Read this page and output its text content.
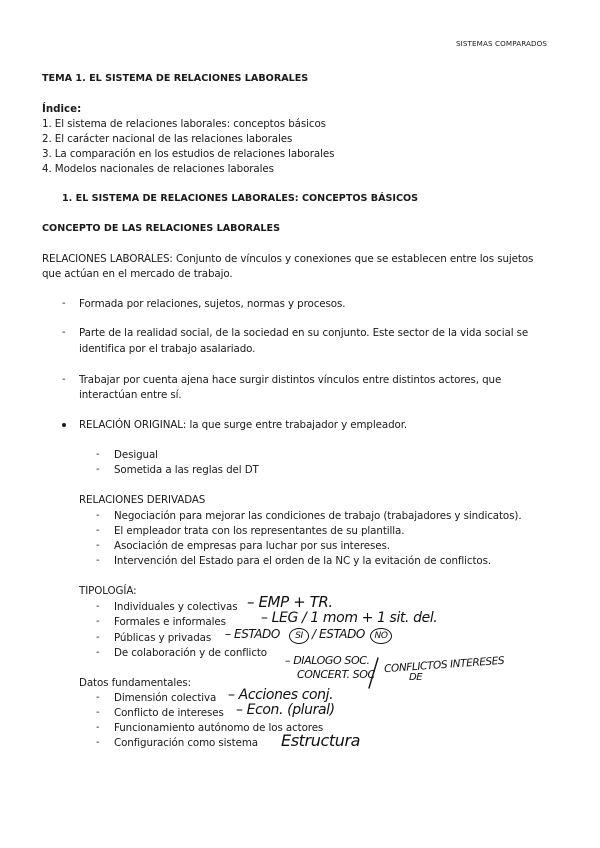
SISTEMAS COMPARADOS
TEMA 1. EL SISTEMA DE RELACIONES LABORALES
Índice:
1. El sistema de relaciones laborales: conceptos básicos
2. El carácter nacional de las relaciones laborales
3. La comparación en los estudios de relaciones laborales
4. Modelos nacionales de relaciones laborales
1. EL SISTEMA DE RELACIONES LABORALES: CONCEPTOS BÁSICOS
CONCEPTO DE LAS RELACIONES LABORALES
RELACIONES LABORALES: Conjunto de vínculos y conexiones que se establecen entre los sujetos
que actúan en el mercado de trabajo.
- Formada por relaciones, sujetos, normas y procesos.
- Parte de la realidad social, de la sociedad en su conjunto. Este sector de la vida social se
identifica por el trabajo asalariado.
- Trabajar por cuenta ajena hace surgir distintos vínculos entre distintos actores, que
interactúan entre sí.
RELACIÓN ORIGINAL: la que surge entre trabajador y empleador.
- Desigual
- Sometida a las reglas del DT
RELACIONES DERIVADAS
- Negociación para mejorar las condiciones de trabajo (trabajadores y sindicatos).
- El empleador trata con los representantes de su plantilla.
- Asociación de empresas para luchar por sus intereses.
- Intervención del Estado para el orden de la NC y la evitación de conflictos.
TIPOLOGÍA:
- Individuales y colectivas
- Formales e informales
- Públicas y privadas
- De colaboración y de conflicto
Datos fundamentales:
- Dimensión colectiva
- Conflicto de intereses
- Funcionamiento autónomo de los actores
- Configuración como sistema
– EMP + TR.
– LEG / 1 mom + 1 sit. del.
– ESTADO	SI / ESTADO	NO
– DIALOGO SOC.
CONCERT. SOC CONFLICTOS INTERESES
DE
– Acciones conj.
– Econ. (plural)
Estructura
